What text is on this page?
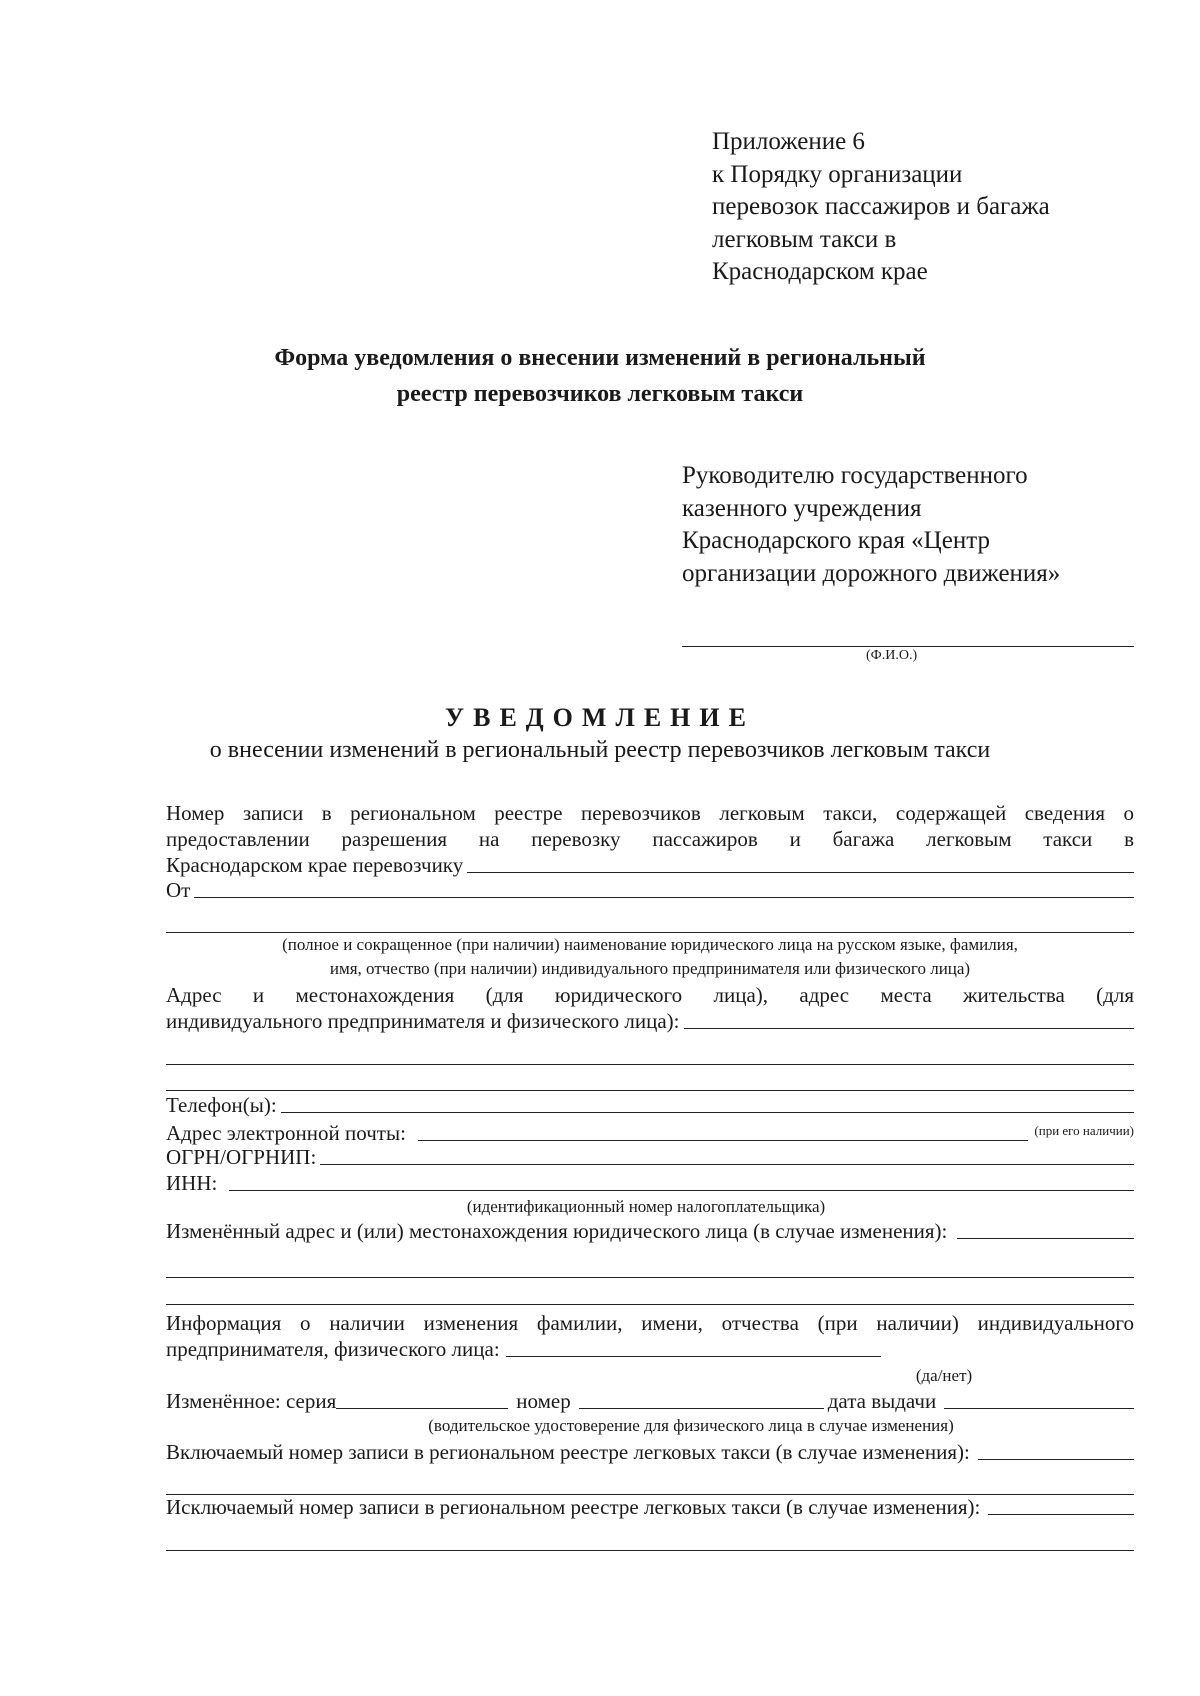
Приложение 6
к Порядку организации
перевозок пассажиров и багажа
легковым такси в
Краснодарском крае
Форма уведомления о внесении изменений в региональный
реестр перевозчиков легковым такси
Руководителю государственного
казенного учреждения
Краснодарского края «Центр
организации дорожного движения»
(Ф.И.О.)
УВЕДОМЛЕНИЕ
о внесении изменений в региональный реестр перевозчиков легковым такси
Номер записи в региональном реестре перевозчиков легковым такси, содержащей сведения о
предоставлении разрешения на перевозку пассажиров и багажа легковым такси в
Краснодарском крае перевозчику
От
(полное и сокращенное (при наличии) наименование юридического лица на русском языке, фамилия,
имя, отчество (при наличии) индивидуального предпринимателя или физического лица)
Адрес и местонахождения (для юридического лица), адрес места жительства (для
индивидуального предпринимателя и физического лица):
Телефон(ы):
Адрес электронной почты:	(при его наличии)
ОГРН/ОГРНИП:
ИНН:
(идентификационный номер налогоплательщика)
Изменённый адрес и (или) местонахождения юридического лица (в случае изменения):
Информация о наличии изменения фамилии, имени, отчества (при наличии) индивидуального
предпринимателя, физического лица:
(да/нет)
Изменённое: серия	номер	дата выдачи
(водительское удостоверение для физического лица в случае изменения)
Включаемый номер записи в региональном реестре легковых такси (в случае изменения):
Исключаемый номер записи в региональном реестре легковых такси (в случае изменения):
